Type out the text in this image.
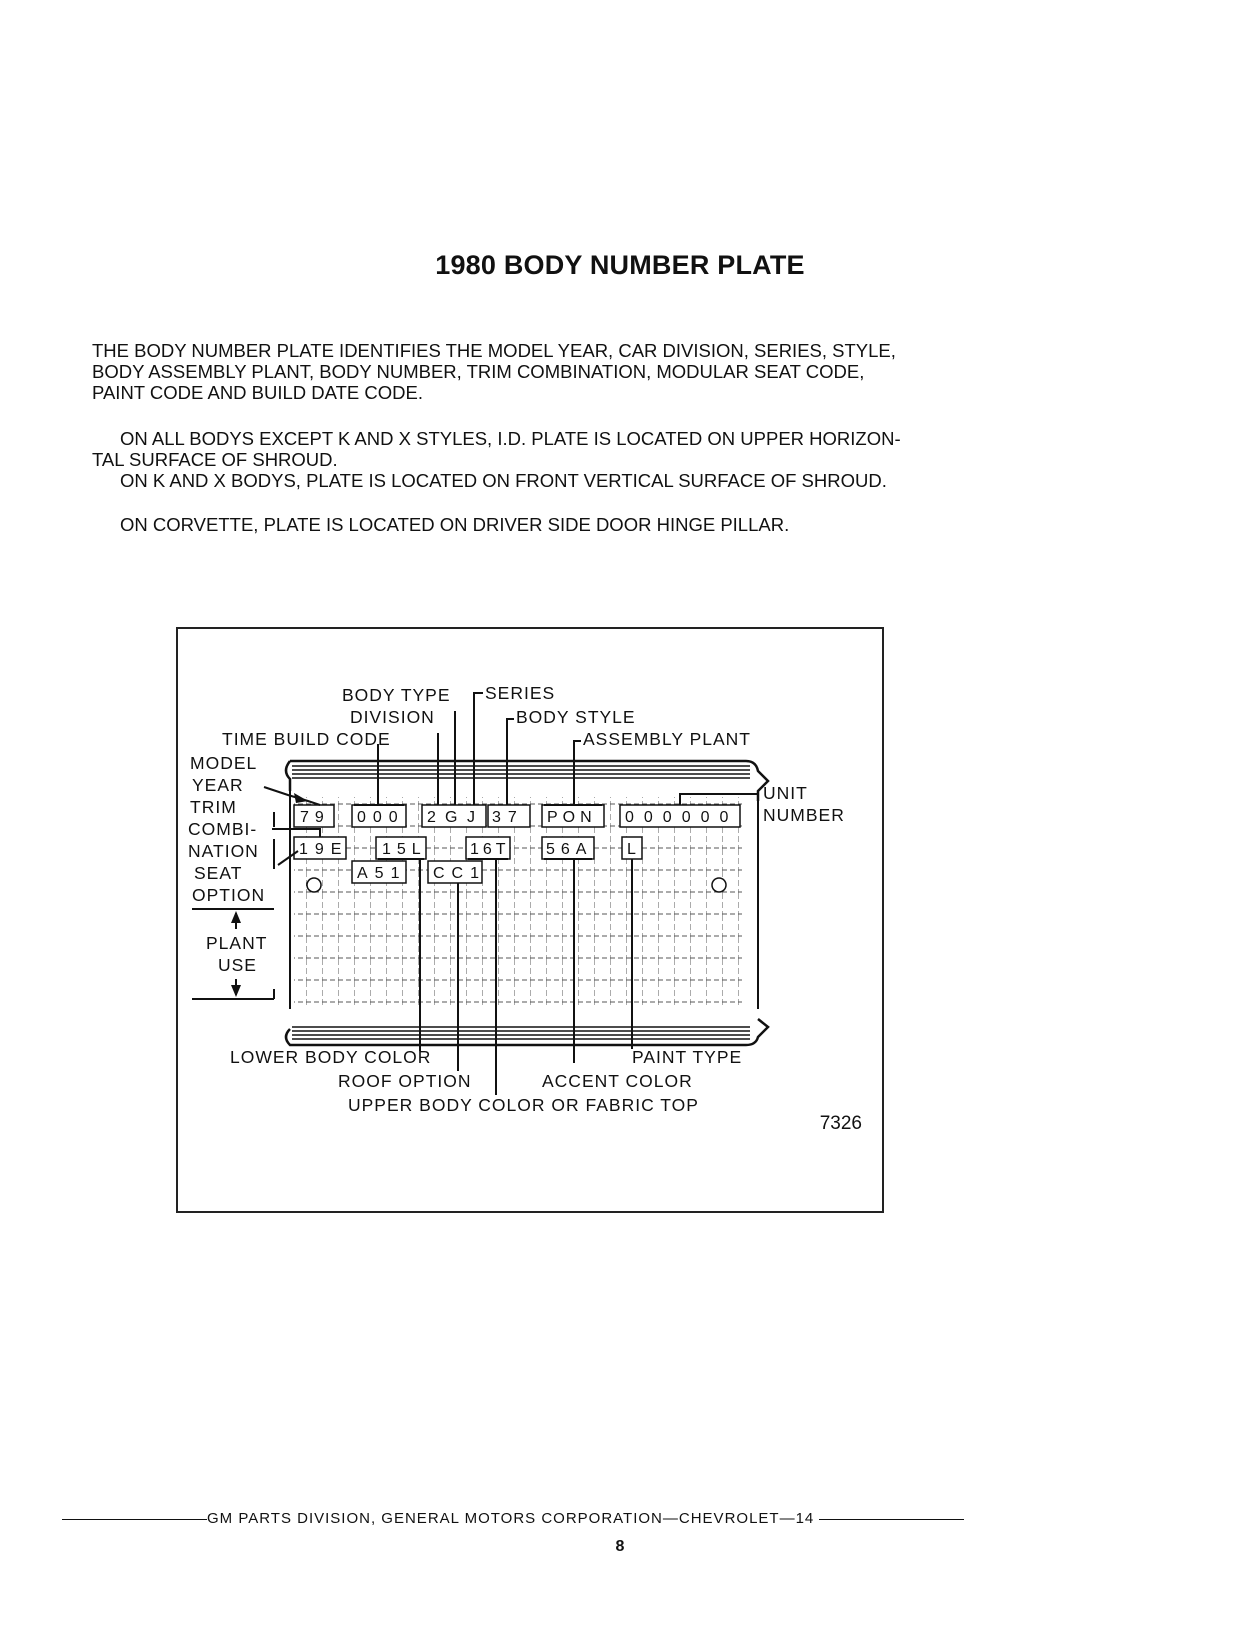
1980 BODY NUMBER PLATE
THE BODY NUMBER PLATE IDENTIFIES THE MODEL YEAR, CAR DIVISION, SERIES, STYLE,
BODY ASSEMBLY PLANT, BODY NUMBER, TRIM COMBINATION, MODULAR SEAT CODE,
PAINT CODE AND BUILD DATE CODE.
ON ALL BODYS EXCEPT K AND X STYLES, I.D. PLATE IS LOCATED ON UPPER HORIZON-
TAL SURFACE OF SHROUD.
ON K AND X BODYS, PLATE IS LOCATED ON FRONT VERTICAL SURFACE OF SHROUD.
ON CORVETTE, PLATE IS LOCATED ON DRIVER SIDE DOOR HINGE PILLAR.
79 000 2 G J 37 PON 000000
19E 15L	16T 56A L
A51 CC1
BODY TYPE SERIES
DIVISION	BODY STYLE
TIME BUILD CODE	ASSEMBLY PLANT
MODEL
YEAR	UNIT
NUMBER
TRIM
COMBI-
NATION
SEAT
OPTION
PLANT
USE
LOWER BODY COLOR	PAINT TYPE
ROOF OPTION	ACCENT COLOR
UPPER BODY COLOR OR FABRIC TOP
7326
GM PARTS DIVISION, GENERAL MOTORS CORPORATION—CHEVROLET—14
8
